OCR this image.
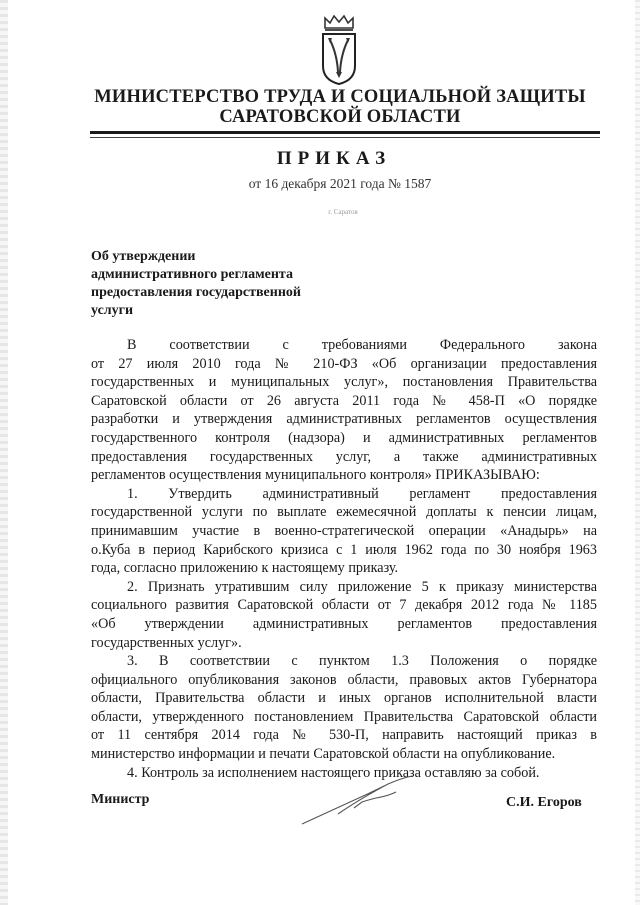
МИНИСТЕРСТВО ТРУДА И СОЦИАЛЬНОЙ ЗАЩИТЫ
САРАТОВСКОЙ ОБЛАСТИ
ПРИКАЗ
от 16 декабря 2021 года № 1587
г. Саратов
Об утверждении
административного регламента
предоставления государственной
услуги
В соответствии с требованиями Федерального закона
от 27 июля 2010 года № 210-ФЗ «Об организации предоставления
государственных и муниципальных услуг», постановления Правительства
Саратовской области от 26 августа 2011 года № 458-П «О порядке
разработки и утверждения административных регламентов осуществления
государственного контроля (надзора) и административных регламентов
предоставления государственных услуг, а также административных
регламентов осуществления муниципального контроля» ПРИКАЗЫВАЮ:
1. Утвердить административный регламент предоставления
государственной услуги по выплате ежемесячной доплаты к пенсии лицам,
принимавшим участие в военно-стратегической операции «Анадырь» на
о.Куба в период Карибского кризиса с 1 июля 1962 года по 30 ноября 1963
года, согласно приложению к настоящему приказу.
2. Признать утратившим силу приложение 5 к приказу министерства
социального развития Саратовской области от 7 декабря 2012 года № 1185
«Об утверждении административных регламентов предоставления
государственных услуг».
3. В соответствии с пунктом 1.3 Положения о порядке
официального опубликования законов области, правовых актов Губернатора
области, Правительства области и иных органов исполнительной власти
области, утвержденного постановлением Правительства Саратовской области
от 11 сентября 2014 года № 530-П, направить настоящий приказ в
министерство информации и печати Саратовской области на опубликование.
4. Контроль за исполнением настоящего приказа оставляю за собой.
Министр	С.И. Егоров
